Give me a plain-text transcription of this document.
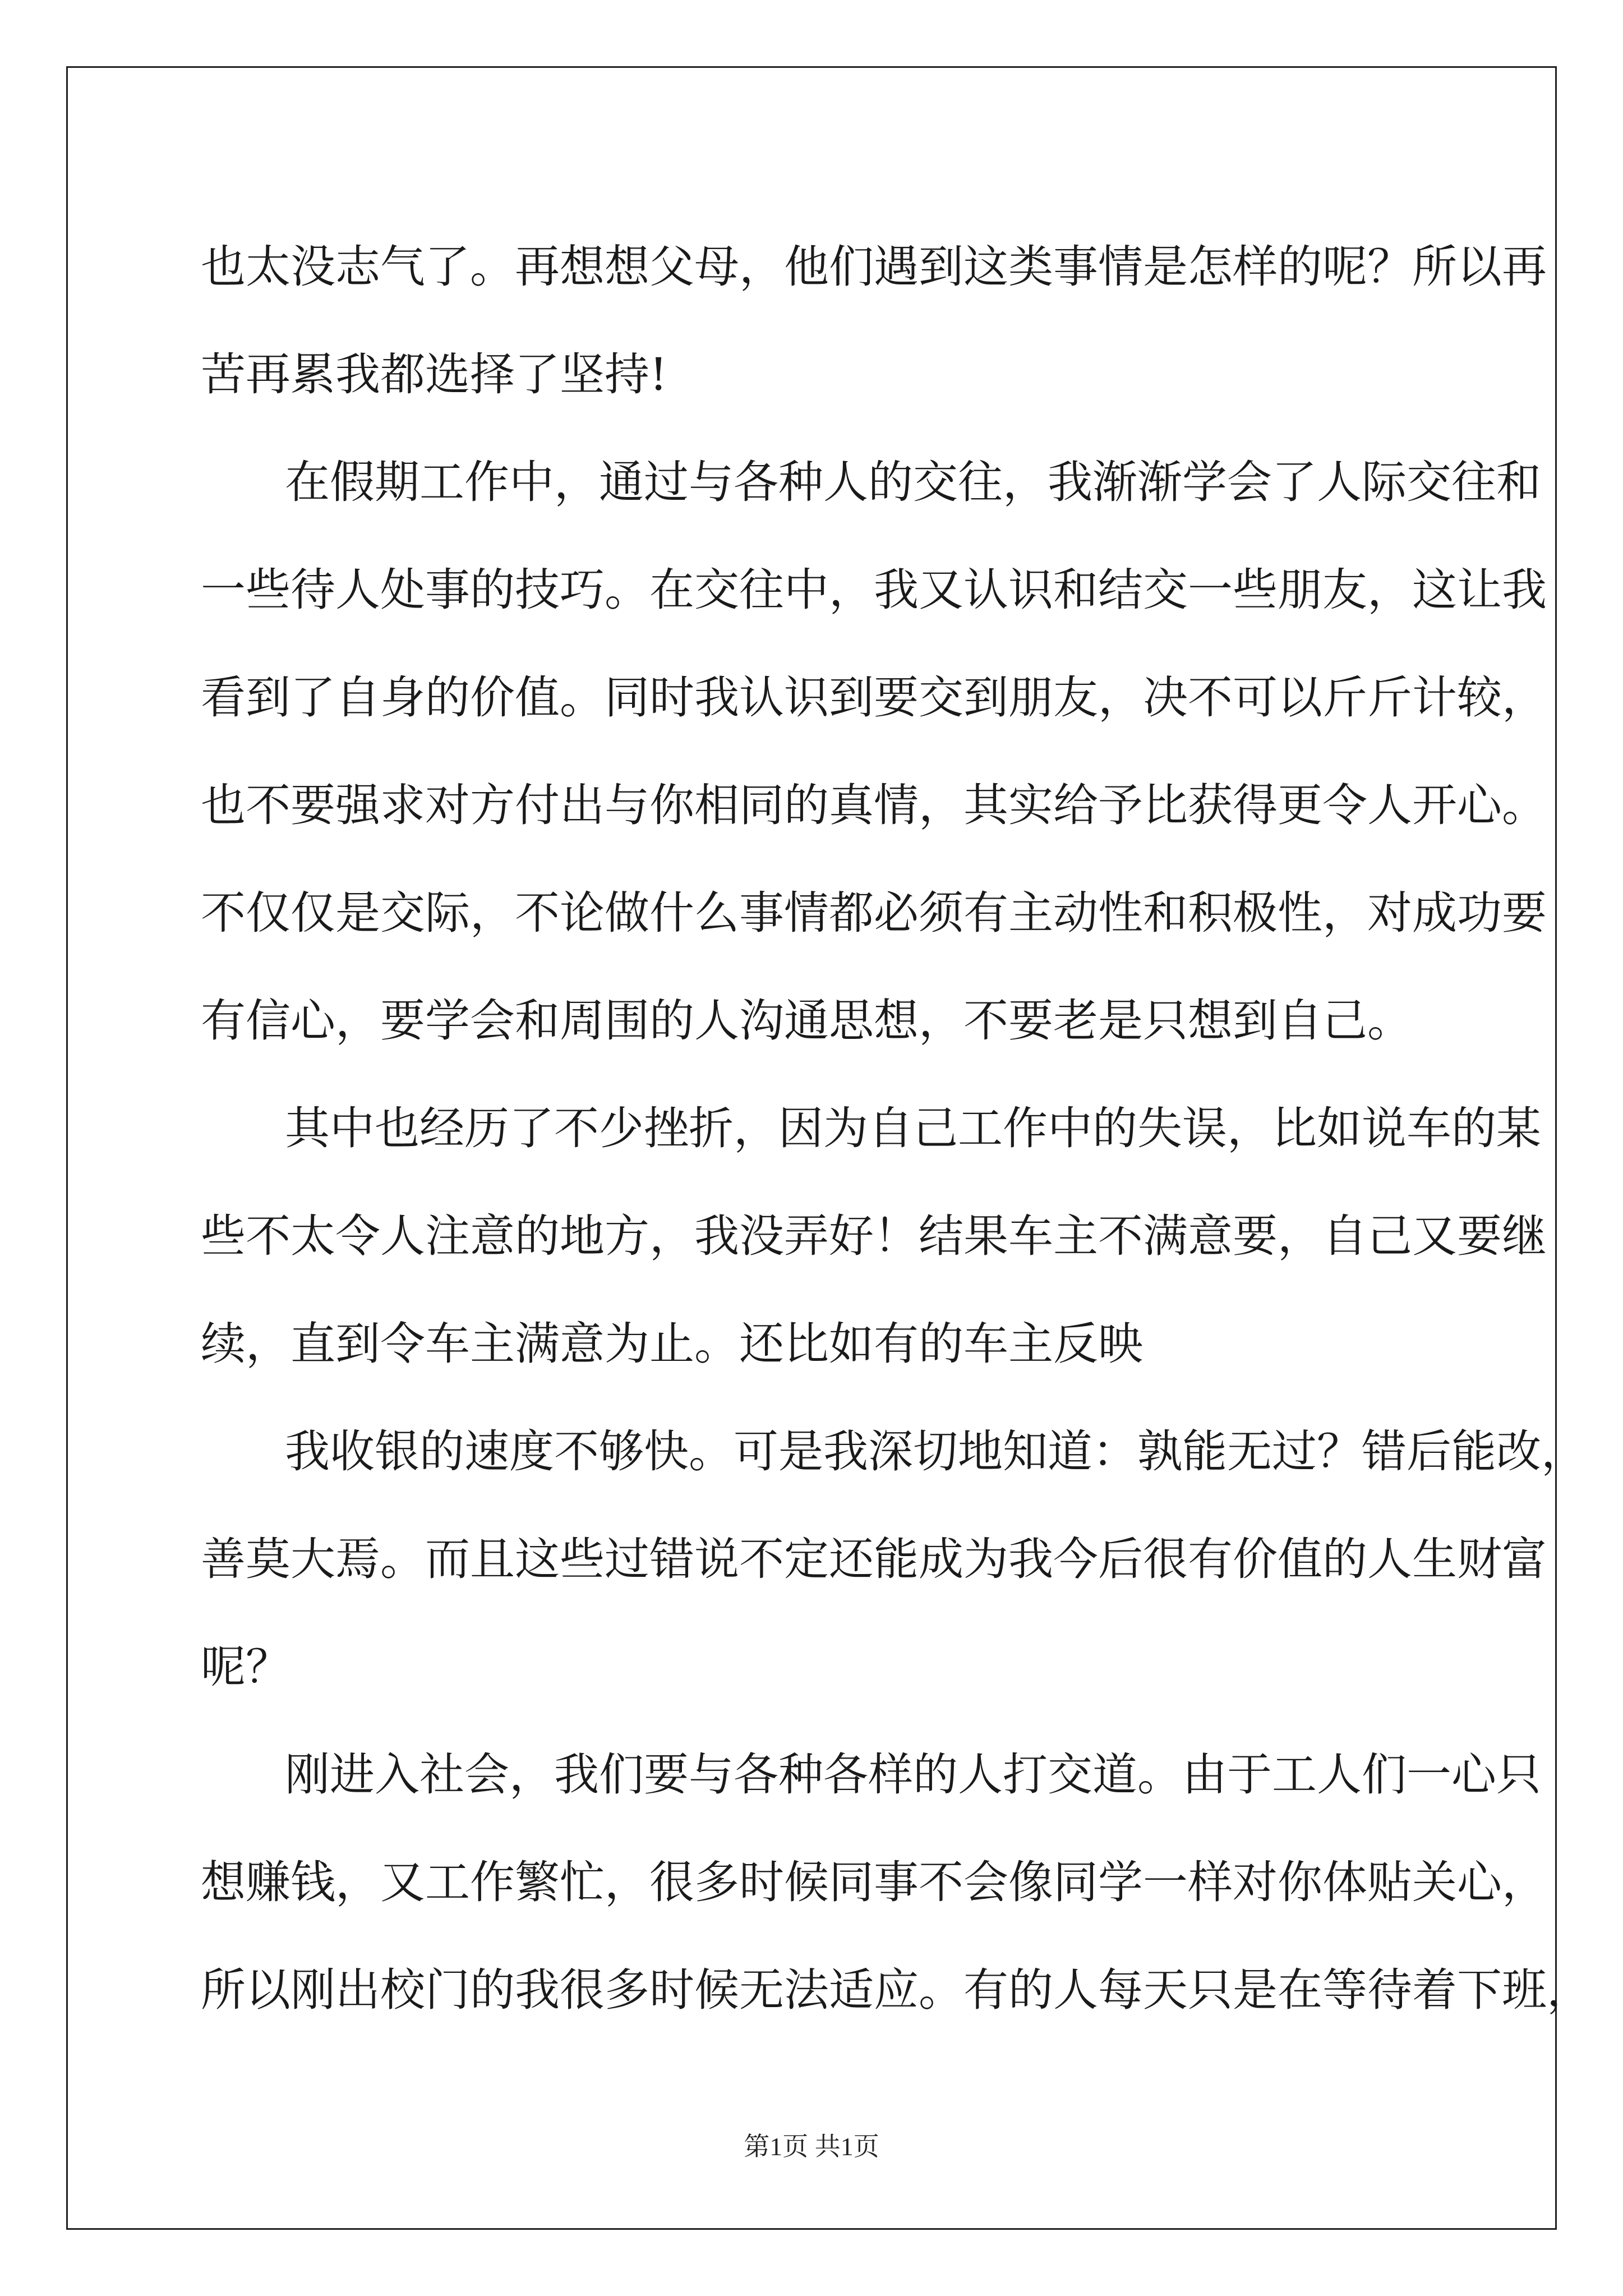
也太没志气了。再想想父母，他们遇到这类事情是怎样的呢？所以再
苦再累我都选择了坚持!
在假期工作中，通过与各种人的交往，我渐渐学会了人际交往和
一些待人处事的技巧。在交往中，我又认识和结交一些朋友，这让我
看到了自身的价值。同时我认识到要交到朋友，决不可以斤斤计较，
也不要强求对方付出与你相同的真情，其实给予比获得更令人开心。
不仅仅是交际，不论做什么事情都必须有主动性和积极性，对成功要
有信心，要学会和周围的人沟通思想，不要老是只想到自己。
其中也经历了不少挫折，因为自己工作中的失误，比如说车的某
些不太令人注意的地方，我没弄好！结果车主不满意要，自己又要继
续，直到令车主满意为止。还比如有的车主反映
我收银的速度不够快。可是我深切地知道：孰能无过？错后能改，
善莫大焉。而且这些过错说不定还能成为我今后很有价值的人生财富
呢？
刚进入社会，我们要与各种各样的人打交道。由于工人们一心只
想赚钱，又工作繁忙，很多时候同事不会像同学一样对你体贴关心，
所以刚出校门的我很多时候无法适应。有的人每天只是在等待着下班，
第1页 共1页
